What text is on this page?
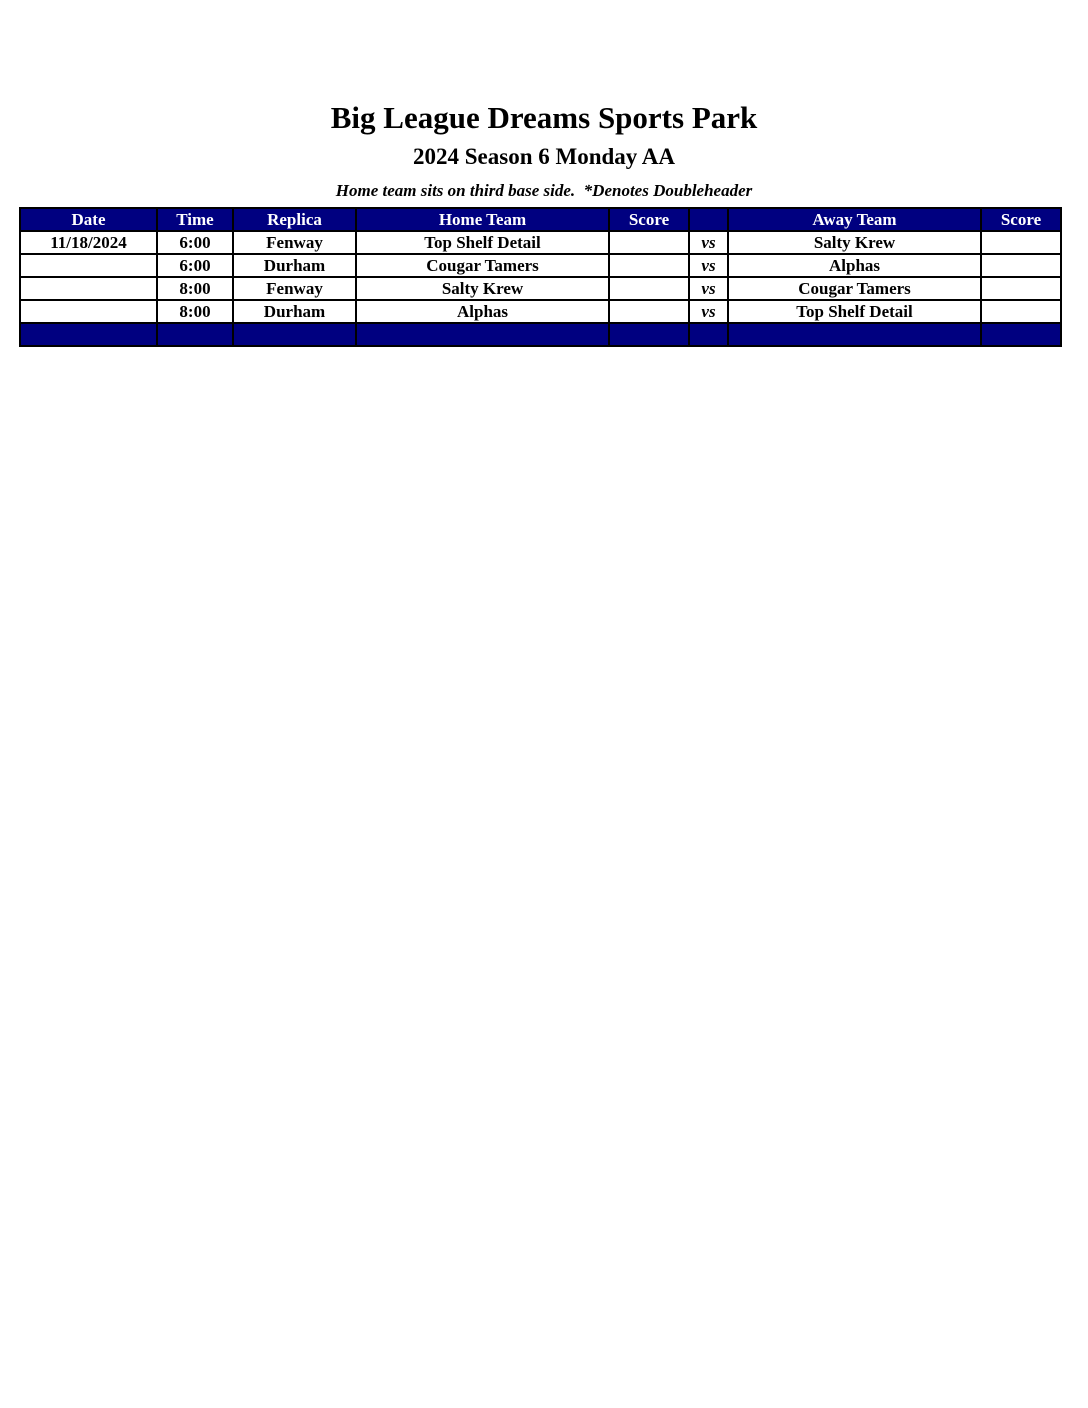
Big League Dreams Sports Park
2024 Season 6 Monday AA
Home team sits on third base side.  *Denotes Doubleheader
Date	Time	Replica	Home Team	Score		Away Team	Score
11/18/2024	6:00	Fenway	Top Shelf Detail		vs	Salty Krew	
	6:00	Durham	Cougar Tamers		vs	Alphas	
	8:00	Fenway	Salty Krew		vs	Cougar Tamers	
	8:00	Durham	Alphas		vs	Top Shelf Detail	
